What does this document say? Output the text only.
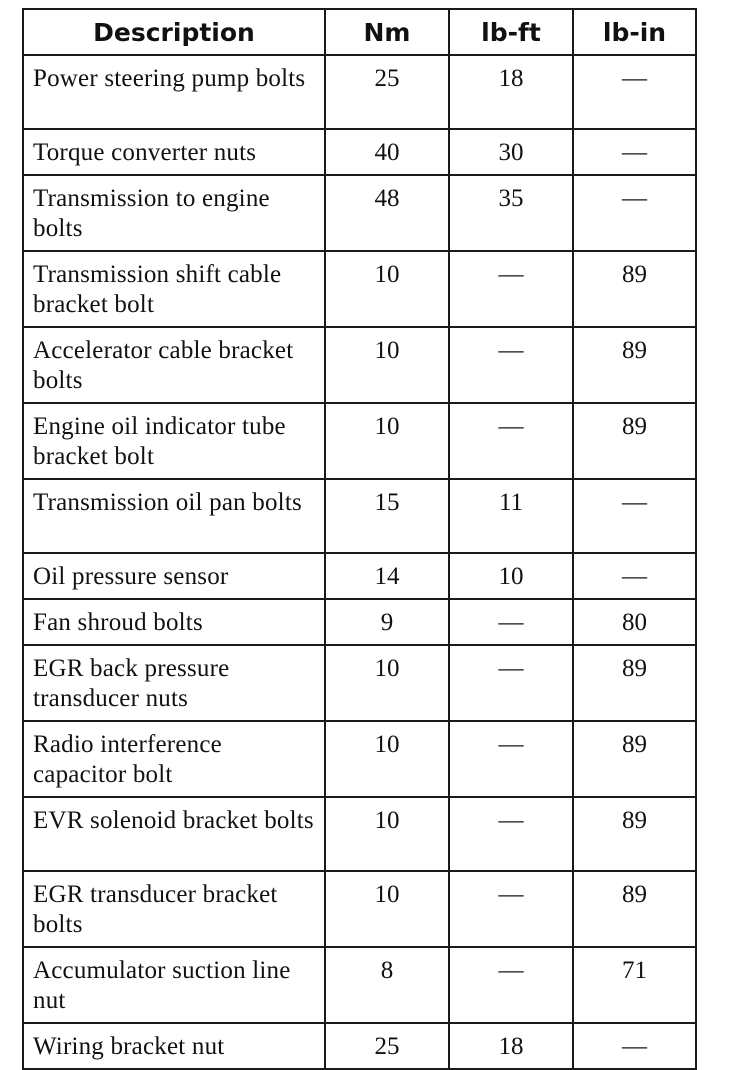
Description	Nm	lb-ft	lb-in
Power steering pump bolts	25	18	—
Torque converter nuts	40	30	—
Transmission to engine bolts	48	35	—
Transmission shift cable bracket bolt	10	—	89
Accelerator cable bracket bolts	10	—	89
Engine oil indicator tube bracket bolt	10	—	89
Transmission oil pan bolts	15	11	—
Oil pressure sensor	14	10	—
Fan shroud bolts	9	—	80
EGR back pressure transducer nuts	10	—	89
Radio interference capacitor bolt	10	—	89
EVR solenoid bracket bolts	10	—	89
EGR transducer bracket bolts	10	—	89
Accumulator suction line nut	8	—	71
Wiring bracket nut	25	18	—
